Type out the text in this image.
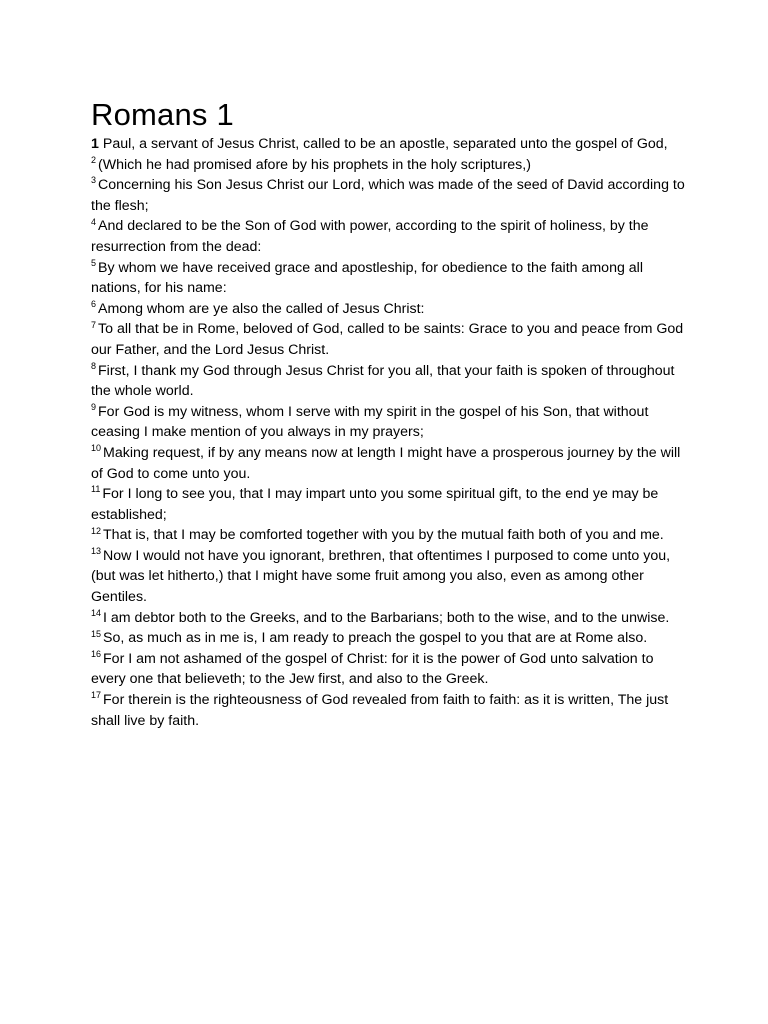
Romans 1

1 Paul, a servant of Jesus Christ, called to be an apostle, separated unto the gospel of God,

$^2$ (Which he had promised afore by his prophets in the holy scriptures,)

$^3$ Concerning his Son Jesus Christ our Lord, which was made of the seed of David according to the flesh;

$^4$ And declared to be the Son of God with power, according to the spirit of holiness, by the resurrection from the dead:

$^5$ By whom we have received grace and apostleship, for obedience to the faith among all nations, for his name:

$^6$ Among whom are ye also the called of Jesus Christ:

$^7$ To all that be in Rome, beloved of God, called to be saints: Grace to you and peace from God our Father, and the Lord Jesus Christ.

$^8$ First, I thank my God through Jesus Christ for you all, that your faith is spoken of throughout the whole world.

$^9$ For God is my witness, whom I serve with my spirit in the gospel of his Son, that without ceasing I make mention of you always in my prayers;

$^{10}$ Making request, if by any means now at length I might have a prosperous journey by the will of God to come unto you.

$^{11}$ For I long to see you, that I may impart unto you some spiritual gift, to the end ye may be established;

$^{12}$ That is, that I may be comforted together with you by the mutual faith both of you and me.

$^{13}$ Now I would not have you ignorant, brethren, that oftentimes I purposed to come unto you, (but was let hitherto,) that I might have some fruit among you also, even as among other Gentiles.

$^{14}$ I am debtor both to the Greeks, and to the Barbarians; both to the wise, and to the unwise.

$^{15}$ So, as much as in me is, I am ready to preach the gospel to you that are at Rome also.

$^{16}$ For I am not ashamed of the gospel of Christ: for it is the power of God unto salvation to every one that believeth; to the Jew first, and also to the Greek.

$^{17}$ For therein is the righteousness of God revealed from faith to faith: as it is written, The just shall live by faith.
